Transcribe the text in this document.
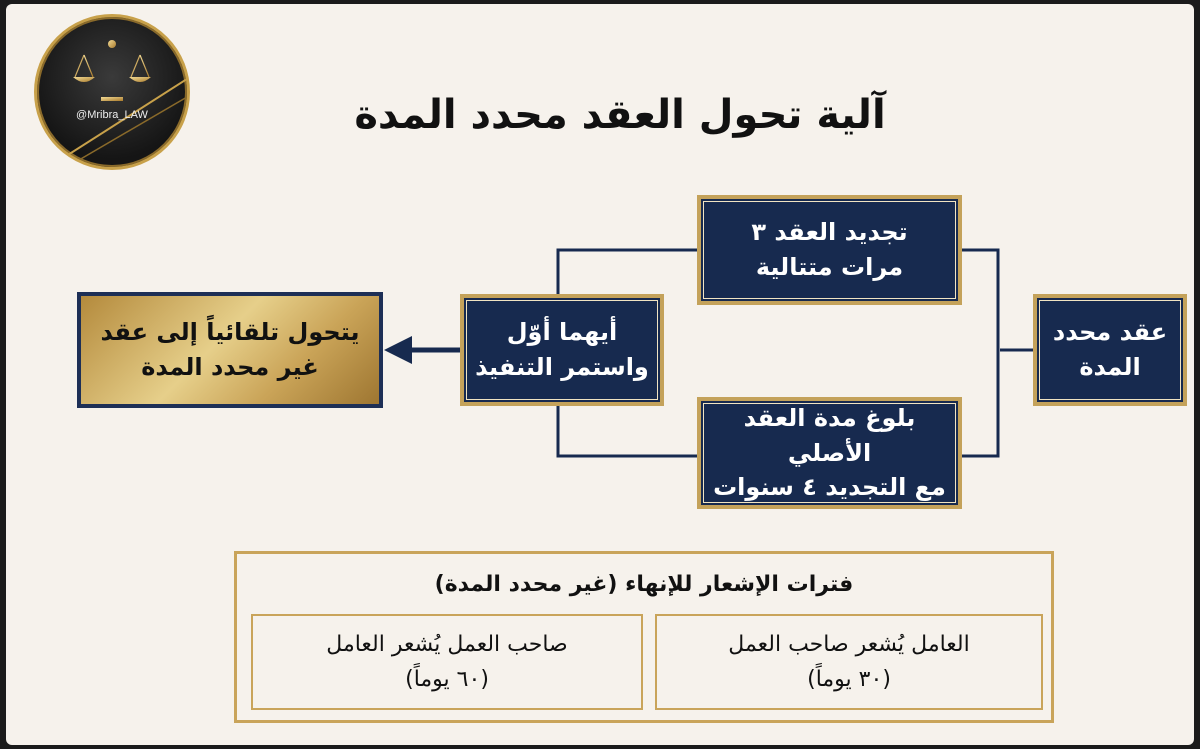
@Mribra_LAW	آلية تحول العقد محدد المدة
عقد محدد
المدة
تجديد العقد ٣
مرات متتالية
بلوغ مدة العقد الأصلي
مع التجديد ٤ سنوات
أيهما أوّل
واستمر التنفيذ
يتحول تلقائياً إلى عقد
غير محدد المدة
فترات الإشعار للإنهاء (غير محدد المدة)
العامل يُشعر صاحب العمل
(٣٠ يوماً)
صاحب العمل يُشعر العامل
(٦٠ يوماً)
